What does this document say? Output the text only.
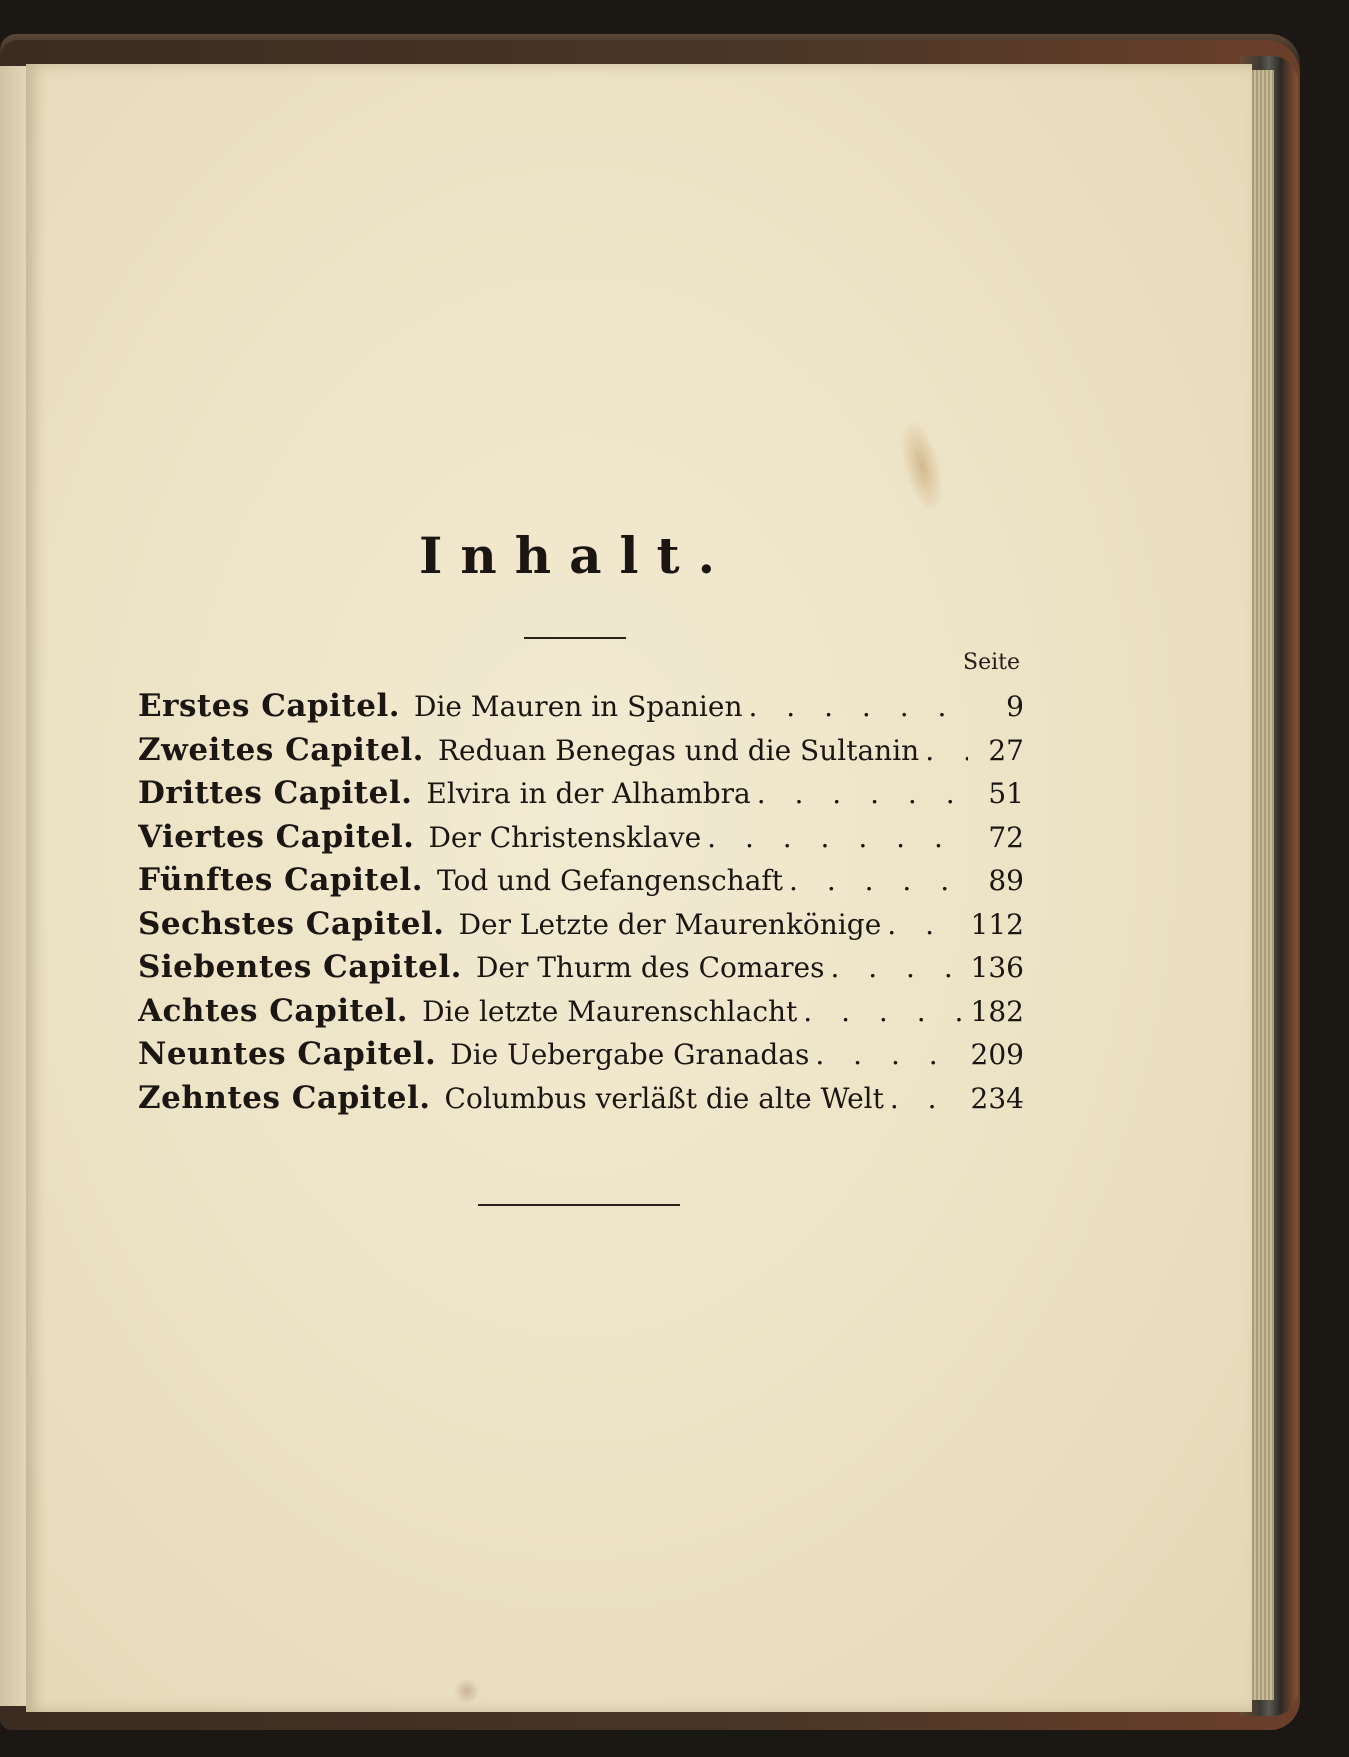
Inhalt.
Seite
Erstes Capitel. Die Mauren in Spanien . . .	9
Zweites Capitel. Reduan Benegas und die Sultanin . . .	27
Drittes Capitel. Elvira in der Alhambra . . .	51
Viertes Capitel. Der Christensklave . . .	72
Fünftes Capitel. Tod und Gefangenschaft . . .	89
Sechstes Capitel. Der Letzte der Maurenkönige . . .	112
Siebentes Capitel. Der Thurm des Comares . . .	136
Achtes Capitel. Die letzte Maurenschlacht . . .	182
Neuntes Capitel. Die Uebergabe Granadas . . .	209
Zehntes Capitel. Columbus verläßt die alte Welt . . .	234
